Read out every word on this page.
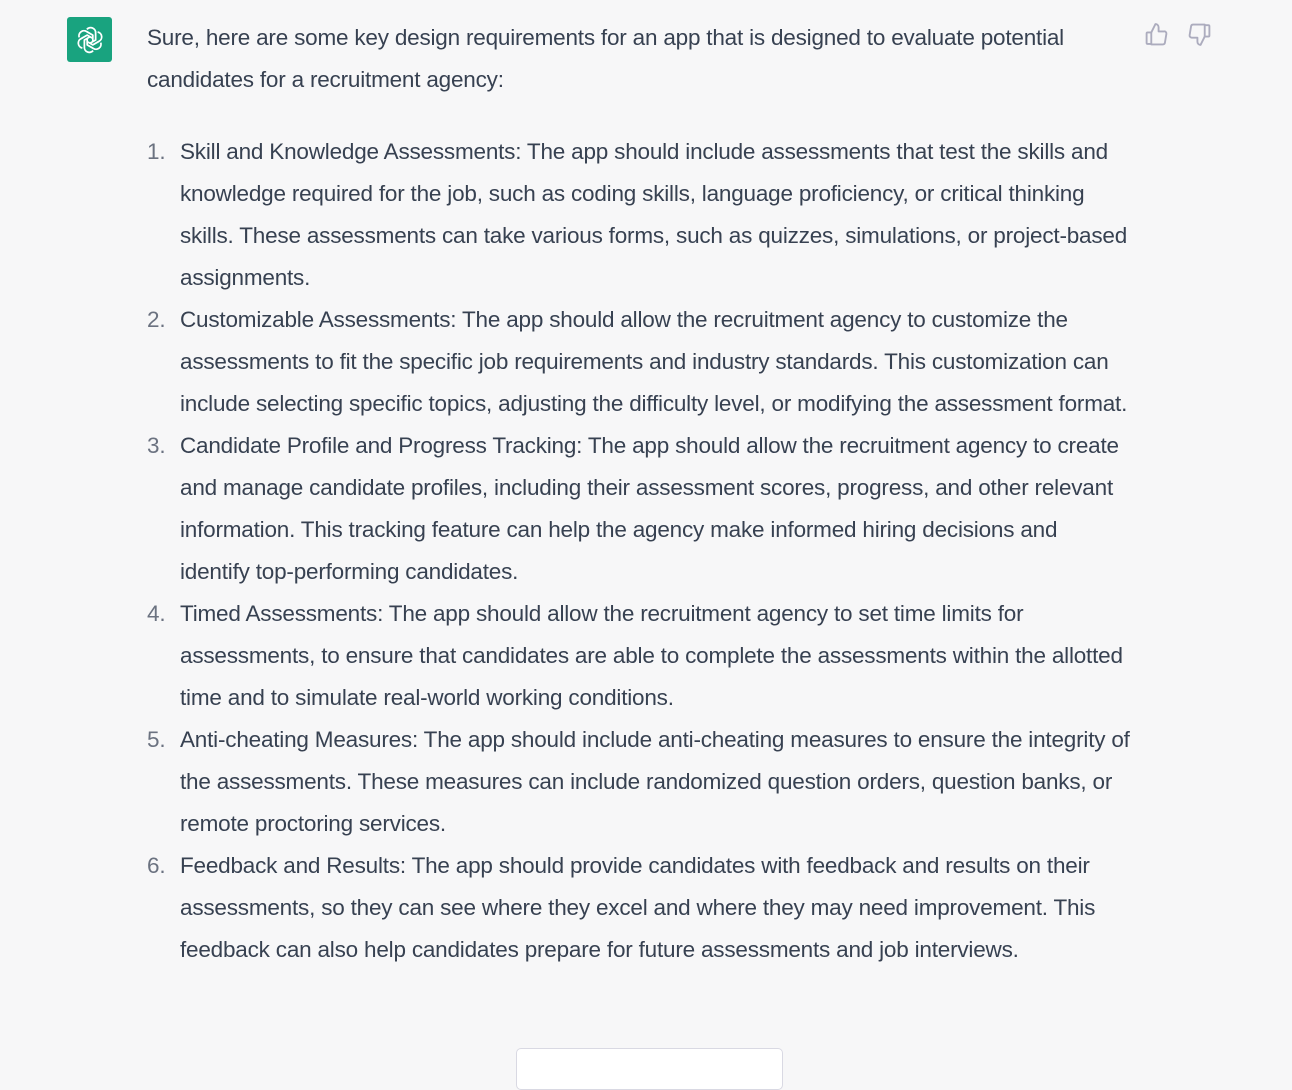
Sure, here are some key design requirements for an app that is designed to evaluate potential candidates for a recruitment agency:

1. Skill and Knowledge Assessments: The app should include assessments that test the skills and knowledge required for the job, such as coding skills, language proficiency, or critical thinking skills. These assessments can take various forms, such as quizzes, simulations, or project-based assignments.
2. Customizable Assessments: The app should allow the recruitment agency to customize the assessments to fit the specific job requirements and industry standards. This customization can include selecting specific topics, adjusting the difficulty level, or modifying the assessment format.
3. Candidate Profile and Progress Tracking: The app should allow the recruitment agency to create and manage candidate profiles, including their assessment scores, progress, and other relevant information. This tracking feature can help the agency make informed hiring decisions and identify top-performing candidates.
4. Timed Assessments: The app should allow the recruitment agency to set time limits for assessments, to ensure that candidates are able to complete the assessments within the allotted time and to simulate real-world working conditions.
5. Anti-cheating Measures: The app should include anti-cheating measures to ensure the integrity of the assessments. These measures can include randomized question orders, question banks, or remote proctoring services.
6. Feedback and Results: The app should provide candidates with feedback and results on their assessments, so they can see where they excel and where they may need improvement. This feedback can also help candidates prepare for future assessments and job interviews.
